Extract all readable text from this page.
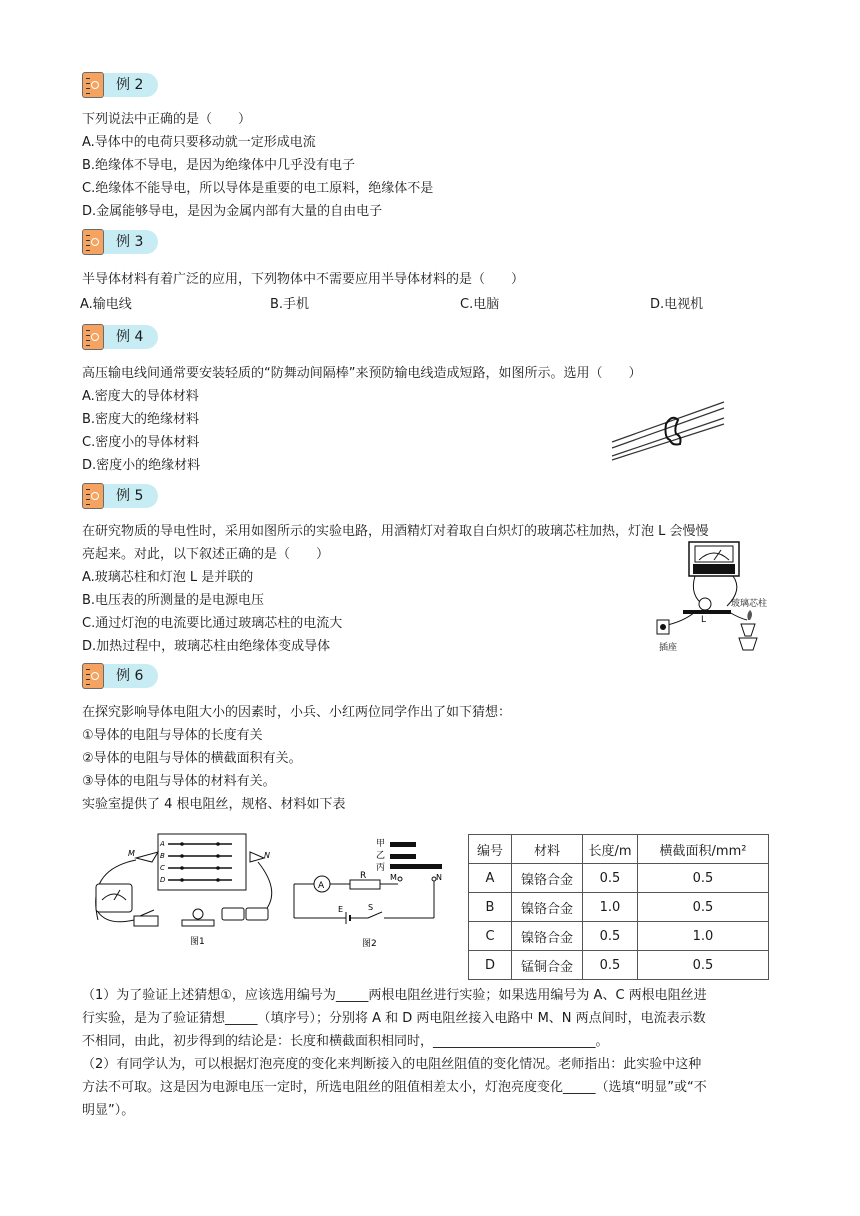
例 2
下列说法中正确的是（　　）
A.导体中的电荷只要移动就一定形成电流
B.绝缘体不导电，是因为绝缘体中几乎没有电子
C.绝缘体不能导电，所以导体是重要的电工原料，绝缘体不是
D.金属能够导电，是因为金属内部有大量的自由电子
例 3
半导体材料有着广泛的应用，下列物体中不需要应用半导体材料的是（　　）
A.输电线	B.手机	C.电脑	D.电视机
例 4
高压输电线间通常要安装轻质的“防舞动间隔棒”来预防输电线造成短路，如图所示。选用（　　）
A.密度大的导体材料
B.密度大的绝缘材料
C.密度小的导体材料
D.密度小的绝缘材料
例 5
在研究物质的导电性时，采用如图所示的实验电路，用酒精灯对着取自白炽灯的玻璃芯柱加热，灯泡 L 会慢慢
亮起来。对此，以下叙述正确的是（　　）
A.玻璃芯柱和灯泡 L 是并联的
B.电压表的所测量的是电源电压
C.通过灯泡的电流要比通过玻璃芯柱的电流大
D.加热过程中，玻璃芯柱由绝缘体变成导体
玻璃芯柱
L
插座
例 6
在探究影响导体电阻大小的因素时，小兵、小红两位同学作出了如下猜想：
①导体的电阻与导体的长度有关
②导体的电阻与导体的横截面积有关。
③导体的电阻与导体的材料有关。
实验室提供了 4 根电阻丝，规格、材料如下表
A
B
C
D
M	N
图1
甲
乙
丙
A
R	M	N
E	S
图2
编号	材料	长度/m	横截面积/mm²
A	镍铬合金	0.5	0.5
B	镍铬合金	1.0	0.5
C	镍铬合金	0.5	1.0
D	锰铜合金	0.5	0.5
（1）为了验证上述猜想①，应该选用编号为_____两根电阻丝进行实验；如果选用编号为 A、C 两根电阻丝进
行实验，是为了验证猜想_____（填序号）；分别将 A 和 D 两电阻丝接入电路中 M、N 两点间时，电流表示数
不相同，由此，初步得到的结论是：长度和横截面积相同时，_________________________。
（2）有同学认为，可以根据灯泡亮度的变化来判断接入的电阻丝阻值的变化情况。老师指出：此实验中这种
方法不可取。这是因为电源电压一定时，所选电阻丝的阻值相差太小，灯泡亮度变化_____（选填“明显”或“不
明显”）。
